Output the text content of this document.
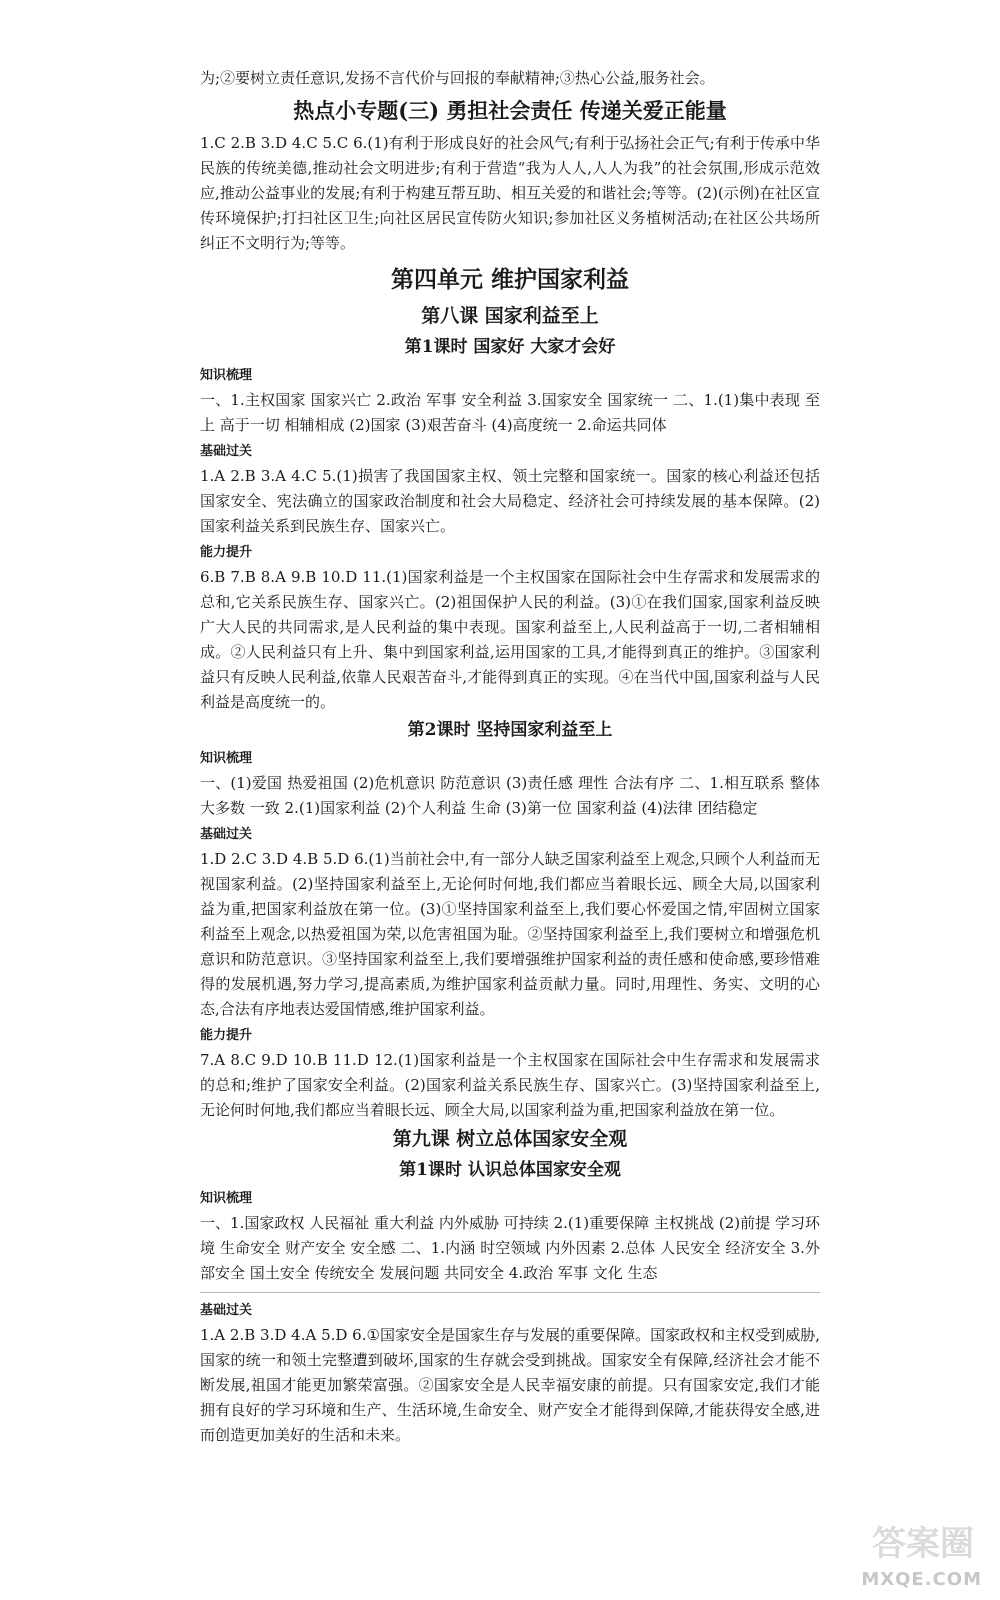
为;②要树立责任意识,发扬不言代价与回报的奉献精神;③热心公益,服务社会。

热点小专题(三) 勇担社会责任 传递关爱正能量

1.C 2.B 3.D 4.C 5.C 6.(1)有利于形成良好的社会风气;有利于弘扬社会正气;有利于传承中华民族的传统美德,推动社会文明进步;有利于营造“我为人人,人人为我”的社会氛围,形成示范效应,推动公益事业的发展;有利于构建互帮互助、相互关爱的和谐社会;等等。(2)(示例)在社区宣传环境保护;打扫社区卫生;向社区居民宣传防火知识;参加社区义务植树活动;在社区公共场所纠正不文明行为;等等。

第四单元 维护国家利益
第八课 国家利益至上
第1课时 国家好 大家才会好
知识梳理

一、1.主权国家 国家兴亡 2.政治 军事 安全利益 3.国家安全 国家统一 二、1.(1)集中表现 至上 高于一切 相辅相成 (2)国家 (3)艰苦奋斗 (4)高度统一 2.命运共同体

基础过关

1.A 2.B 3.A 4.C 5.(1)损害了我国国家主权、领土完整和国家统一。国家的核心利益还包括国家安全、宪法确立的国家政治制度和社会大局稳定、经济社会可持续发展的基本保障。(2)国家利益关系到民族生存、国家兴亡。

能力提升

6.B 7.B 8.A 9.B 10.D 11.(1)国家利益是一个主权国家在国际社会中生存需求和发展需求的总和,它关系民族生存、国家兴亡。(2)祖国保护人民的利益。(3)①在我们国家,国家利益反映广大人民的共同需求,是人民利益的集中表现。国家利益至上,人民利益高于一切,二者相辅相成。②人民利益只有上升、集中到国家利益,运用国家的工具,才能得到真正的维护。③国家利益只有反映人民利益,依靠人民艰苦奋斗,才能得到真正的实现。④在当代中国,国家利益与人民利益是高度统一的。

第2课时 坚持国家利益至上
知识梳理

一、(1)爱国 热爱祖国 (2)危机意识 防范意识 (3)责任感 理性 合法有序 二、1.相互联系 整体 大多数 一致 2.(1)国家利益 (2)个人利益 生命 (3)第一位 国家利益 (4)法律 团结稳定

基础过关

1.D 2.C 3.D 4.B 5.D 6.(1)当前社会中,有一部分人缺乏国家利益至上观念,只顾个人利益而无视国家利益。(2)坚持国家利益至上,无论何时何地,我们都应当着眼长远、顾全大局,以国家利益为重,把国家利益放在第一位。(3)①坚持国家利益至上,我们要心怀爱国之情,牢固树立国家利益至上观念,以热爱祖国为荣,以危害祖国为耻。②坚持国家利益至上,我们要树立和增强危机意识和防范意识。③坚持国家利益至上,我们要增强维护国家利益的责任感和使命感,要珍惜难得的发展机遇,努力学习,提高素质,为维护国家利益贡献力量。同时,用理性、务实、文明的心态,合法有序地表达爱国情感,维护国家利益。

能力提升

7.A 8.C 9.D 10.B 11.D 12.(1)国家利益是一个主权国家在国际社会中生存需求和发展需求的总和;维护了国家安全利益。(2)国家利益关系民族生存、国家兴亡。(3)坚持国家利益至上,无论何时何地,我们都应当着眼长远、顾全大局,以国家利益为重,把国家利益放在第一位。

第九课 树立总体国家安全观
第1课时 认识总体国家安全观
知识梳理

一、1.国家政权 人民福祉 重大利益 内外威胁 可持续 2.(1)重要保障 主权挑战 (2)前提 学习环境 生命安全 财产安全 安全感 二、1.内涵 时空领域 内外因素 2.总体 人民安全 经济安全 3.外部安全 国土安全 传统安全 发展问题 共同安全 4.政治 军事 文化 生态

基础过关

1.A 2.B 3.D 4.A 5.D 6.①国家安全是国家生存与发展的重要保障。国家政权和主权受到威胁,国家的统一和领土完整遭到破坏,国家的生存就会受到挑战。国家安全有保障,经济社会才能不断发展,祖国才能更加繁荣富强。②国家安全是人民幸福安康的前提。只有国家安定,我们才能拥有良好的学习环境和生产、生活环境,生命安全、财产安全才能得到保障,才能获得安全感,进而创造更加美好的生活和未来。

答案圈
MXQE.COM
